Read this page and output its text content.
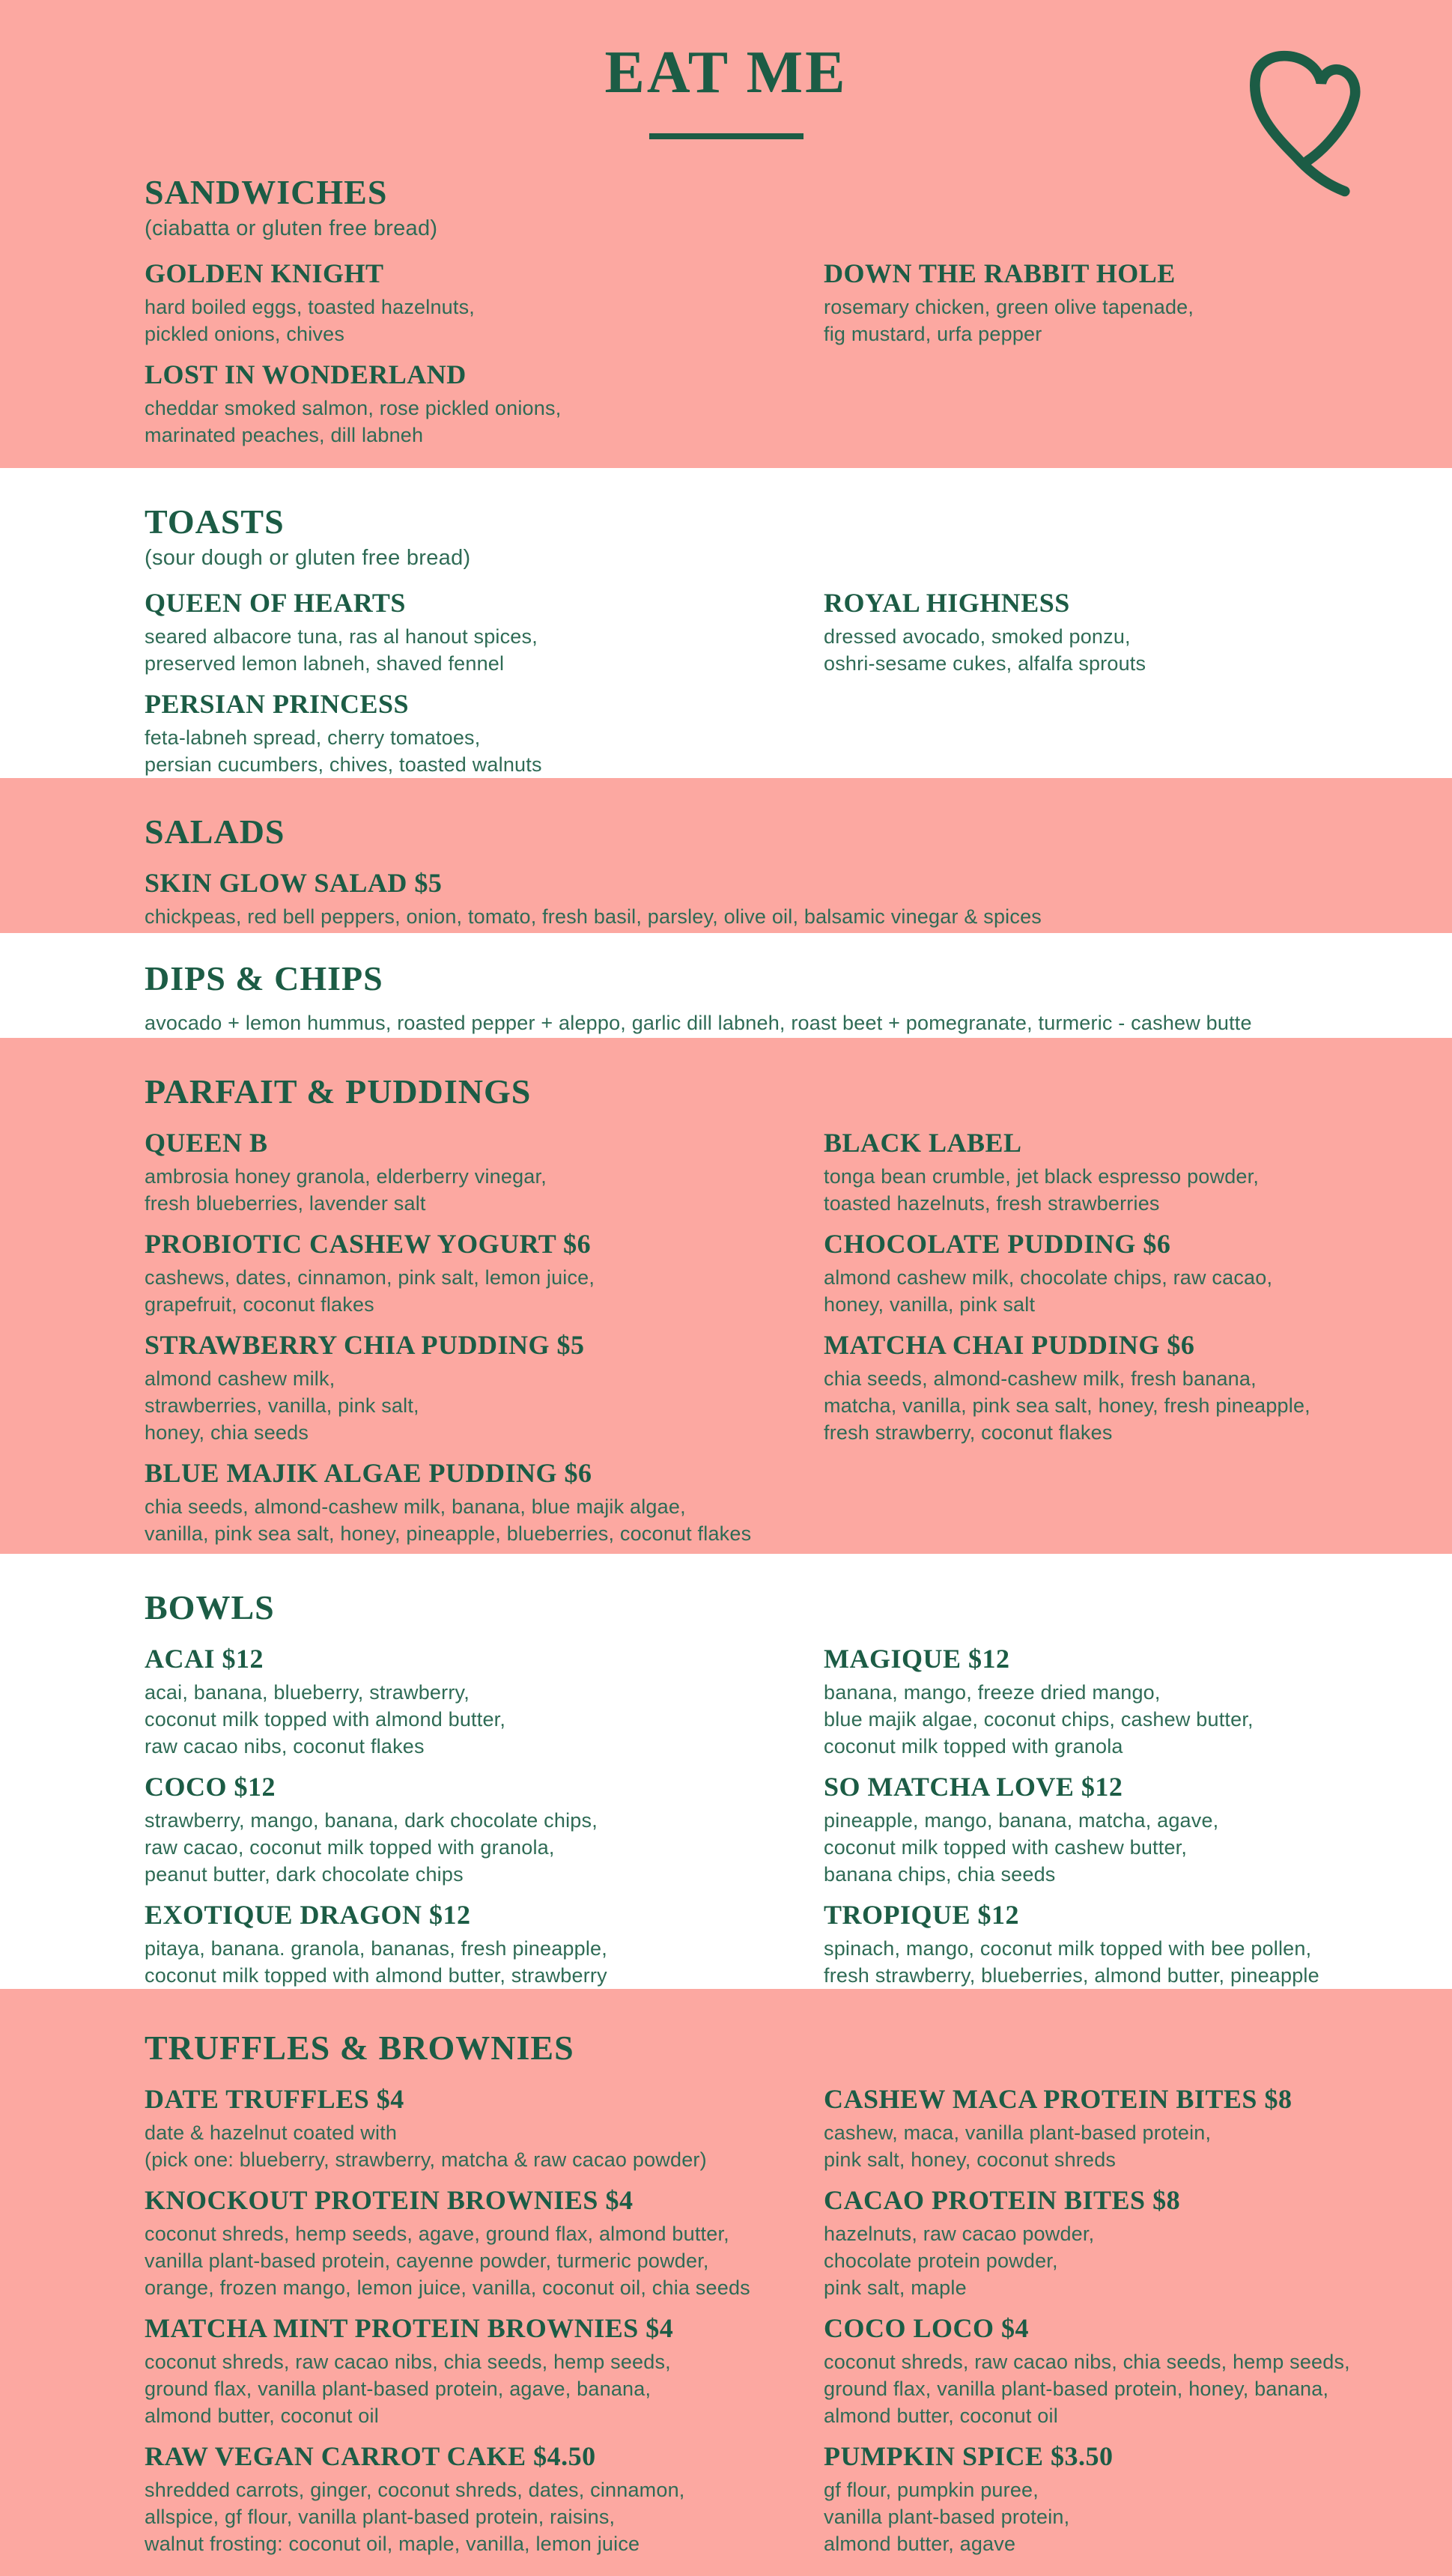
EAT ME
SANDWICHES

(ciabatta or gluten free bread)

GOLDEN KNIGHT

hard boiled eggs, toasted hazelnuts,

pickled onions, chives

DOWN THE RABBIT HOLE

rosemary chicken, green olive tapenade,

fig mustard, urfa pepper

LOST IN WONDERLAND

cheddar smoked salmon, rose pickled onions,

marinated peaches, dill labneh

TOASTS

(sour dough or gluten free bread)

QUEEN OF HEARTS

seared albacore tuna, ras al hanout spices,

preserved lemon labneh, shaved fennel

ROYAL HIGHNESS

dressed avocado, smoked ponzu,

oshri-sesame cukes, alfalfa sprouts

PERSIAN PRINCESS

feta-labneh spread, cherry tomatoes,

persian cucumbers, chives, toasted walnuts

SALADS
SKIN GLOW SALAD $5

chickpeas, red bell peppers, onion, tomato, fresh basil, parsley, olive oil, balsamic vinegar & spices

DIPS & CHIPS

avocado + lemon hummus, roasted pepper + aleppo, garlic dill labneh, roast beet + pomegranate, turmeric - cashew butte

PARFAIT & PUDDINGS
QUEEN B

ambrosia honey granola, elderberry vinegar,

fresh blueberries, lavender salt

BLACK LABEL

tonga bean crumble, jet black espresso powder,

toasted hazelnuts, fresh strawberries

PROBIOTIC CASHEW YOGURT $6

cashews, dates, cinnamon, pink salt, lemon juice,

grapefruit, coconut flakes

CHOCOLATE PUDDING $6

almond cashew milk, chocolate chips, raw cacao,

honey, vanilla, pink salt

STRAWBERRY CHIA PUDDING $5

almond cashew milk,

strawberries, vanilla, pink salt,

honey, chia seeds

MATCHA CHAI PUDDING $6

chia seeds, almond-cashew milk, fresh banana,

matcha, vanilla, pink sea salt, honey, fresh pineapple,

fresh strawberry, coconut flakes

BLUE MAJIK ALGAE PUDDING $6

chia seeds, almond-cashew milk, banana, blue majik algae,

vanilla, pink sea salt, honey, pineapple, blueberries, coconut flakes

BOWLS
ACAI $12

acai, banana, blueberry, strawberry,

coconut milk topped with almond butter,

raw cacao nibs, coconut flakes

MAGIQUE $12

banana, mango, freeze dried mango,

blue majik algae, coconut chips, cashew butter,

coconut milk topped with granola

COCO $12

strawberry, mango, banana, dark chocolate chips,

raw cacao, coconut milk topped with granola,

peanut butter, dark chocolate chips

SO MATCHA LOVE $12

pineapple, mango, banana, matcha, agave,

coconut milk topped with cashew butter,

banana chips, chia seeds

EXOTIQUE DRAGON $12

pitaya, banana. granola, bananas, fresh pineapple,

coconut milk topped with almond butter, strawberry

TROPIQUE $12

spinach, mango, coconut milk topped with bee pollen,

fresh strawberry, blueberries, almond butter, pineapple

TRUFFLES & BROWNIES
DATE TRUFFLES $4

date & hazelnut coated with

(pick one: blueberry, strawberry, matcha & raw cacao powder)

CASHEW MACA PROTEIN BITES $8

cashew, maca, vanilla plant-based protein,

pink salt, honey, coconut shreds

KNOCKOUT PROTEIN BROWNIES $4

coconut shreds, hemp seeds, agave, ground flax, almond butter,

vanilla plant-based protein, cayenne powder, turmeric powder,

orange, frozen mango, lemon juice, vanilla, coconut oil, chia seeds

CACAO PROTEIN BITES $8

hazelnuts, raw cacao powder,

chocolate protein powder,

pink salt, maple

MATCHA MINT PROTEIN BROWNIES $4

coconut shreds, raw cacao nibs, chia seeds, hemp seeds,

ground flax, vanilla plant-based protein, agave, banana,

almond butter, coconut oil

COCO LOCO $4

coconut shreds, raw cacao nibs, chia seeds, hemp seeds,

ground flax, vanilla plant-based protein, honey, banana,

almond butter, coconut oil

RAW VEGAN CARROT CAKE $4.50

shredded carrots, ginger, coconut shreds, dates, cinnamon,

allspice, gf flour, vanilla plant-based protein, raisins,

walnut frosting: coconut oil, maple, vanilla, lemon juice

PUMPKIN SPICE $3.50

gf flour, pumpkin puree,

vanilla plant-based protein,

almond butter, agave
